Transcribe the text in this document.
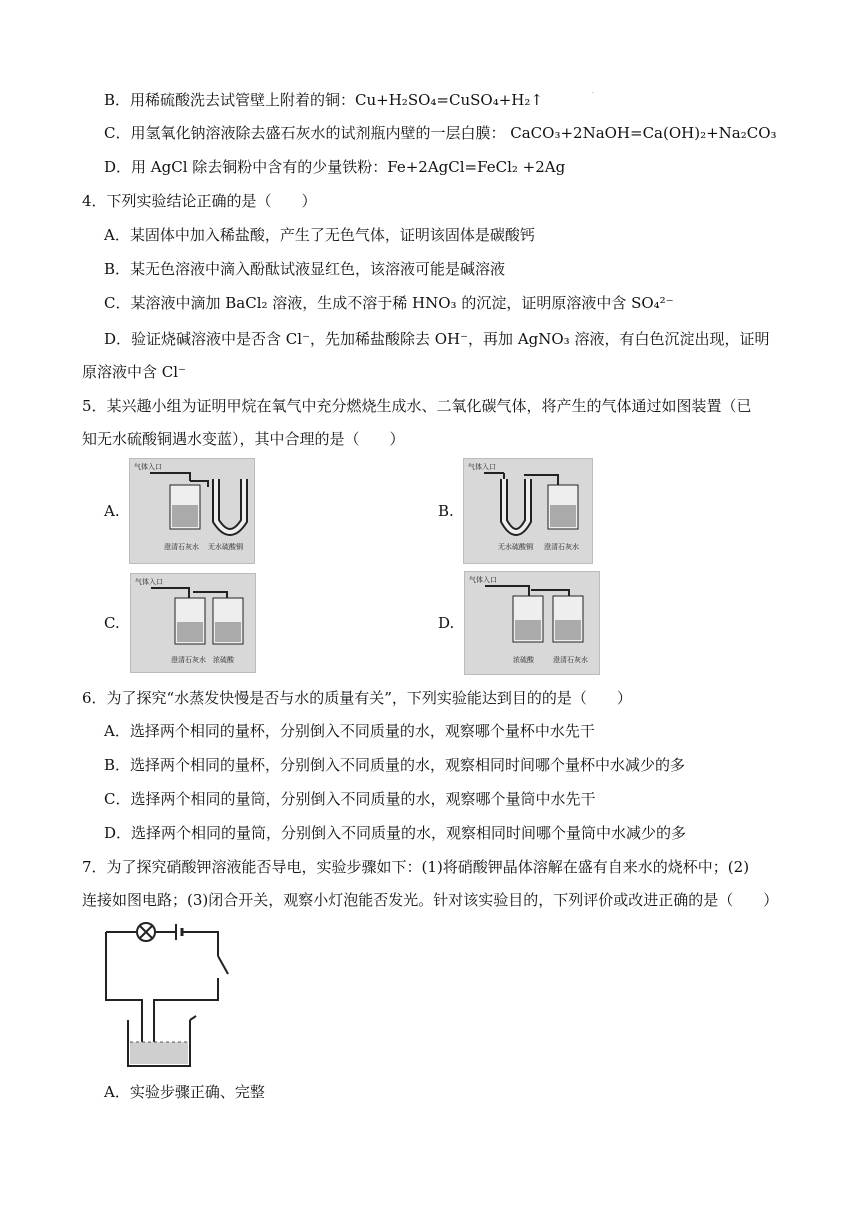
·
B．用稀硫酸洗去试管壁上附着的铜：Cu+H₂SO₄=CuSO₄+H₂↑
C．用氢氧化钠溶液除去盛石灰水的试剂瓶内壁的一层白膜： CaCO₃+2NaOH=Ca(OH)₂+Na₂CO₃
D．用 AgCl 除去铜粉中含有的少量铁粉：Fe+2AgCl=FeCl₂ +2Ag
4．下列实验结论正确的是（　　）
A．某固体中加入稀盐酸，产生了无色气体，证明该固体是碳酸钙
B．某无色溶液中滴入酚酞试液显红色，该溶液可能是碱溶液
C．某溶液中滴加 BaCl₂ 溶液，生成不溶于稀 HNO₃ 的沉淀，证明原溶液中含 SO₄²⁻
D．验证烧碱溶液中是否含 Cl⁻，先加稀盐酸除去 OH⁻，再加 AgNO₃ 溶液，有白色沉淀出现，证明
原溶液中含 Cl⁻
5．某兴趣小组为证明甲烷在氧气中充分燃烧生成水、二氧化碳气体，将产生的气体通过如图装置（已
知无水硫酸铜遇水变蓝），其中合理的是（　　）
A.
气体入口
澄清石灰水 无水硫酸铜
B.
气体入口
无水硫酸铜 澄清石灰水
C.
气体入口
澄清石灰水 浓硫酸
D.
气体入口
浓硫酸	澄清石灰水
6．为了探究“水蒸发快慢是否与水的质量有关”，下列实验能达到目的的是（　　）
A．选择两个相同的量杯，分别倒入不同质量的水，观察哪个量杯中水先干
B．选择两个相同的量杯，分别倒入不同质量的水，观察相同时间哪个量杯中水减少的多
C．选择两个相同的量筒，分别倒入不同质量的水，观察哪个量筒中水先干
D．选择两个相同的量筒，分别倒入不同质量的水，观察相同时间哪个量筒中水减少的多
7．为了探究硝酸钾溶液能否导电，实验步骤如下：(1)将硝酸钾晶体溶解在盛有自来水的烧杯中；(2)
连接如图电路；(3)闭合开关，观察小灯泡能否发光。针对该实验目的，下列评价或改进正确的是（　　）
A．实验步骤正确、完整
